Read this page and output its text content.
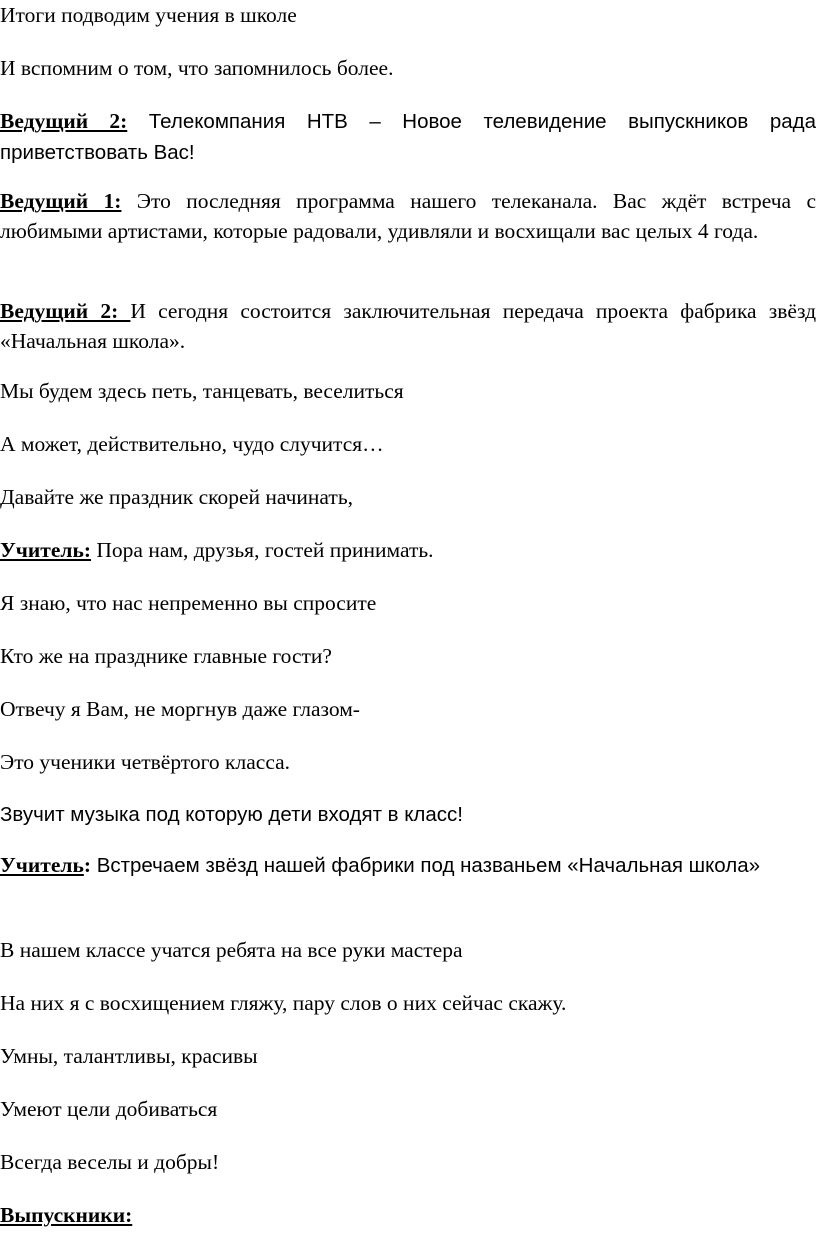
Итоги подводим учения в школе
И вспомним о том, что запомнилось более.
Ведущий 2: Телекомпания НТВ – Новое телевидение выпускников рада приветствовать Вас!
Ведущий 1: Это последняя программа нашего телеканала. Вас ждёт встреча с любимыми артистами, которые радовали, удивляли и восхищали вас целых 4 года.
Ведущий 2: И сегодня состоится заключительная передача проекта фабрика звёзд «Начальная школа».
Мы будем здесь петь, танцевать, веселиться
А может, действительно, чудо случится…
Давайте же праздник скорей начинать,
Учитель: Пора нам, друзья, гостей принимать.
Я знаю, что нас непременно вы спросите
Кто же на празднике главные гости?
Отвечу я Вам, не моргнув даже глазом-
Это ученики четвёртого класса.
Звучит музыка под которую дети входят в класс!
Учитель: Встречаем звёзд нашей фабрики под названьем «Начальная школа»
В нашем классе учатся ребята на все руки мастера
На них я с восхищением гляжу, пару слов о них сейчас скажу.
Умны, талантливы, красивы
Умеют цели добиваться
Всегда веселы и добры!
Выпускники:
